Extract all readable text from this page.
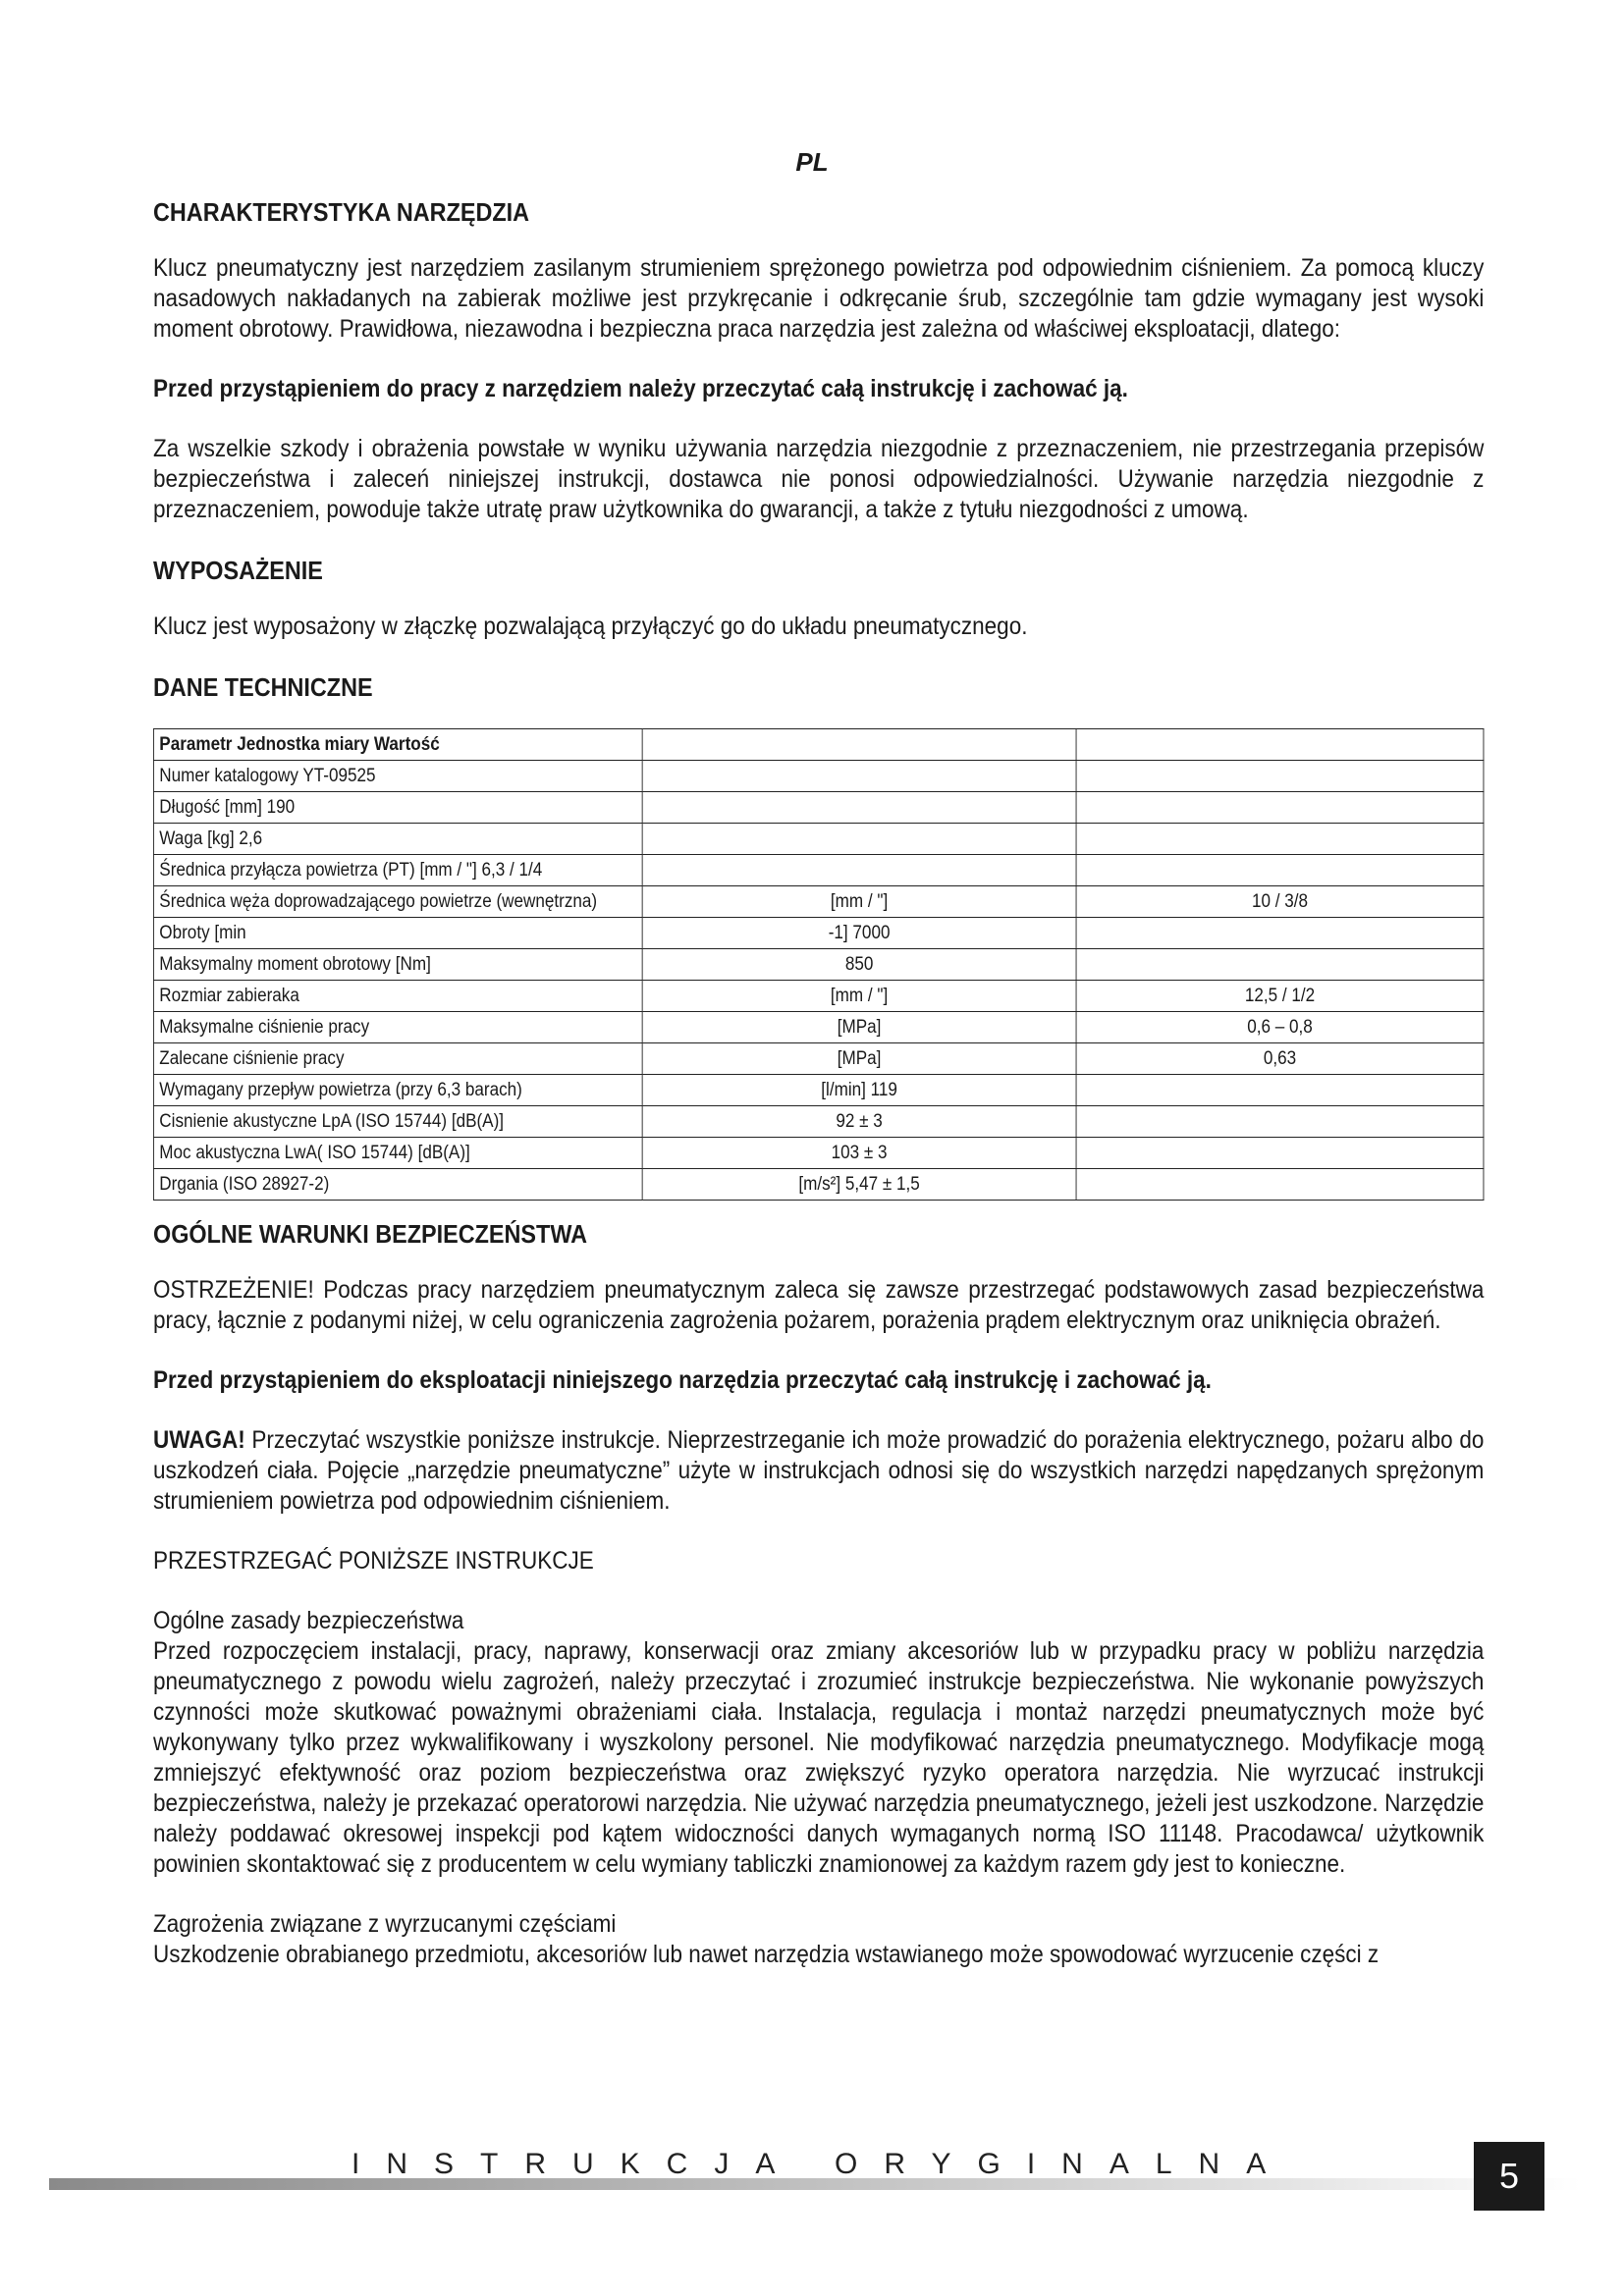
PL
CHARAKTERYSTYKA NARZĘDZIA

Klucz pneumatyczny jest narzędziem zasilanym strumieniem sprężonego powietrza pod odpowiednim ciśnieniem. Za pomocą kluczy nasadowych nakładanych na zabierak możliwe jest przykręcanie i odkręcanie śrub, szczególnie tam gdzie wymagany jest wysoki moment obrotowy. Prawidłowa, niezawodna i bezpieczna praca narzędzia jest zależna od właściwej eksploatacji, dlatego:

Przed przystąpieniem do pracy z narzędziem należy przeczytać całą instrukcję i zachować ją.

Za wszelkie szkody i obrażenia powstałe w wyniku używania narzędzia niezgodnie z przeznaczeniem, nie przestrzegania przepisów bezpieczeństwa i zaleceń niniejszej instrukcji, dostawca nie ponosi odpowiedzialności. Używanie narzędzia niezgodnie z przeznaczeniem, powoduje także utratę praw użytkownika do gwarancji, a także z tytułu niezgodności z umową.

WYPOSAŻENIE

Klucz jest wyposażony w złączkę pozwalającą przyłączyć go do układu pneumatycznego.

DANE TECHNICZNE
Parametr Jednostka miary Wartość		
Numer katalogowy YT-09525		
Długość [mm] 190		
Waga [kg] 2,6		
Średnica przyłącza powietrza (PT) [mm / "] 6,3 / 1/4		
Średnica węża doprowadzającego powietrze (wewnętrzna)	[mm / "]	10 / 3/8
Obroty [min	-1] 7000	
Maksymalny moment obrotowy [Nm]	850	
Rozmiar zabieraka	[mm / "]	12,5 / 1/2
Maksymalne ciśnienie pracy	[MPa]	0,6 – 0,8
Zalecane ciśnienie pracy	[MPa]	0,63
Wymagany przepływ powietrza (przy 6,3 barach)	[l/min] 119	
Cisnienie akustyczne LpA (ISO 15744) [dB(A)]	92 ± 3	
Moc akustyczna LwA( ISO 15744) [dB(A)]	103 ± 3	
Drgania (ISO 28927-2)	[m/s²] 5,47 ± 1,5	
OGÓLNE WARUNKI BEZPIECZEŃSTWA

OSTRZEŻENIE! Podczas pracy narzędziem pneumatycznym zaleca się zawsze przestrzegać podstawowych zasad bezpieczeństwa pracy, łącznie z podanymi niżej, w celu ograniczenia zagrożenia pożarem, porażenia prądem elektrycznym oraz uniknięcia obrażeń.

Przed przystąpieniem do eksploatacji niniejszego narzędzia przeczytać całą instrukcję i zachować ją.

UWAGA! Przeczytać wszystkie poniższe instrukcje. Nieprzestrzeganie ich może prowadzić do porażenia elektrycznego, pożaru albo do uszkodzeń ciała. Pojęcie „narzędzie pneumatyczne” użyte w instrukcjach odnosi się do wszystkich narzędzi napędzanych sprężonym strumieniem powietrza pod odpowiednim ciśnieniem.

PRZESTRZEGAĆ PONIŻSZE INSTRUKCJE

Ogólne zasady bezpieczeństwa

Przed rozpoczęciem instalacji, pracy, naprawy, konserwacji oraz zmiany akcesoriów lub w przypadku pracy w pobliżu narzędzia pneumatycznego z powodu wielu zagrożeń, należy przeczytać i zrozumieć instrukcje bezpieczeństwa. Nie wykonanie powyższych czynności może skutkować poważnymi obrażeniami ciała. Instalacja, regulacja i montaż narzędzi pneumatycznych może być wykonywany tylko przez wykwalifikowany i wyszkolony personel. Nie modyfikować narzędzia pneumatycznego. Modyfikacje mogą zmniejszyć efektywność oraz poziom bezpieczeństwa oraz zwiększyć ryzyko operatora narzędzia. Nie wyrzucać instrukcji bezpieczeństwa, należy je przekazać operatorowi narzędzia. Nie używać narzędzia pneumatycznego, jeżeli jest uszkodzone. Narzędzie należy poddawać okresowej inspekcji pod kątem widoczności danych wymaganych normą ISO 11148. Pracodawca/ użytkownik powinien skontaktować się z producentem w celu wymiany tabliczki znamionowej za każdym razem gdy jest to konieczne.

Zagrożenia związane z wyrzucanymi częściami

Uszkodzenie obrabianego przedmiotu, akcesoriów lub nawet narzędzia wstawianego może spowodować wyrzucenie części z

INSTRUKCJA ORYGINALNA	5
